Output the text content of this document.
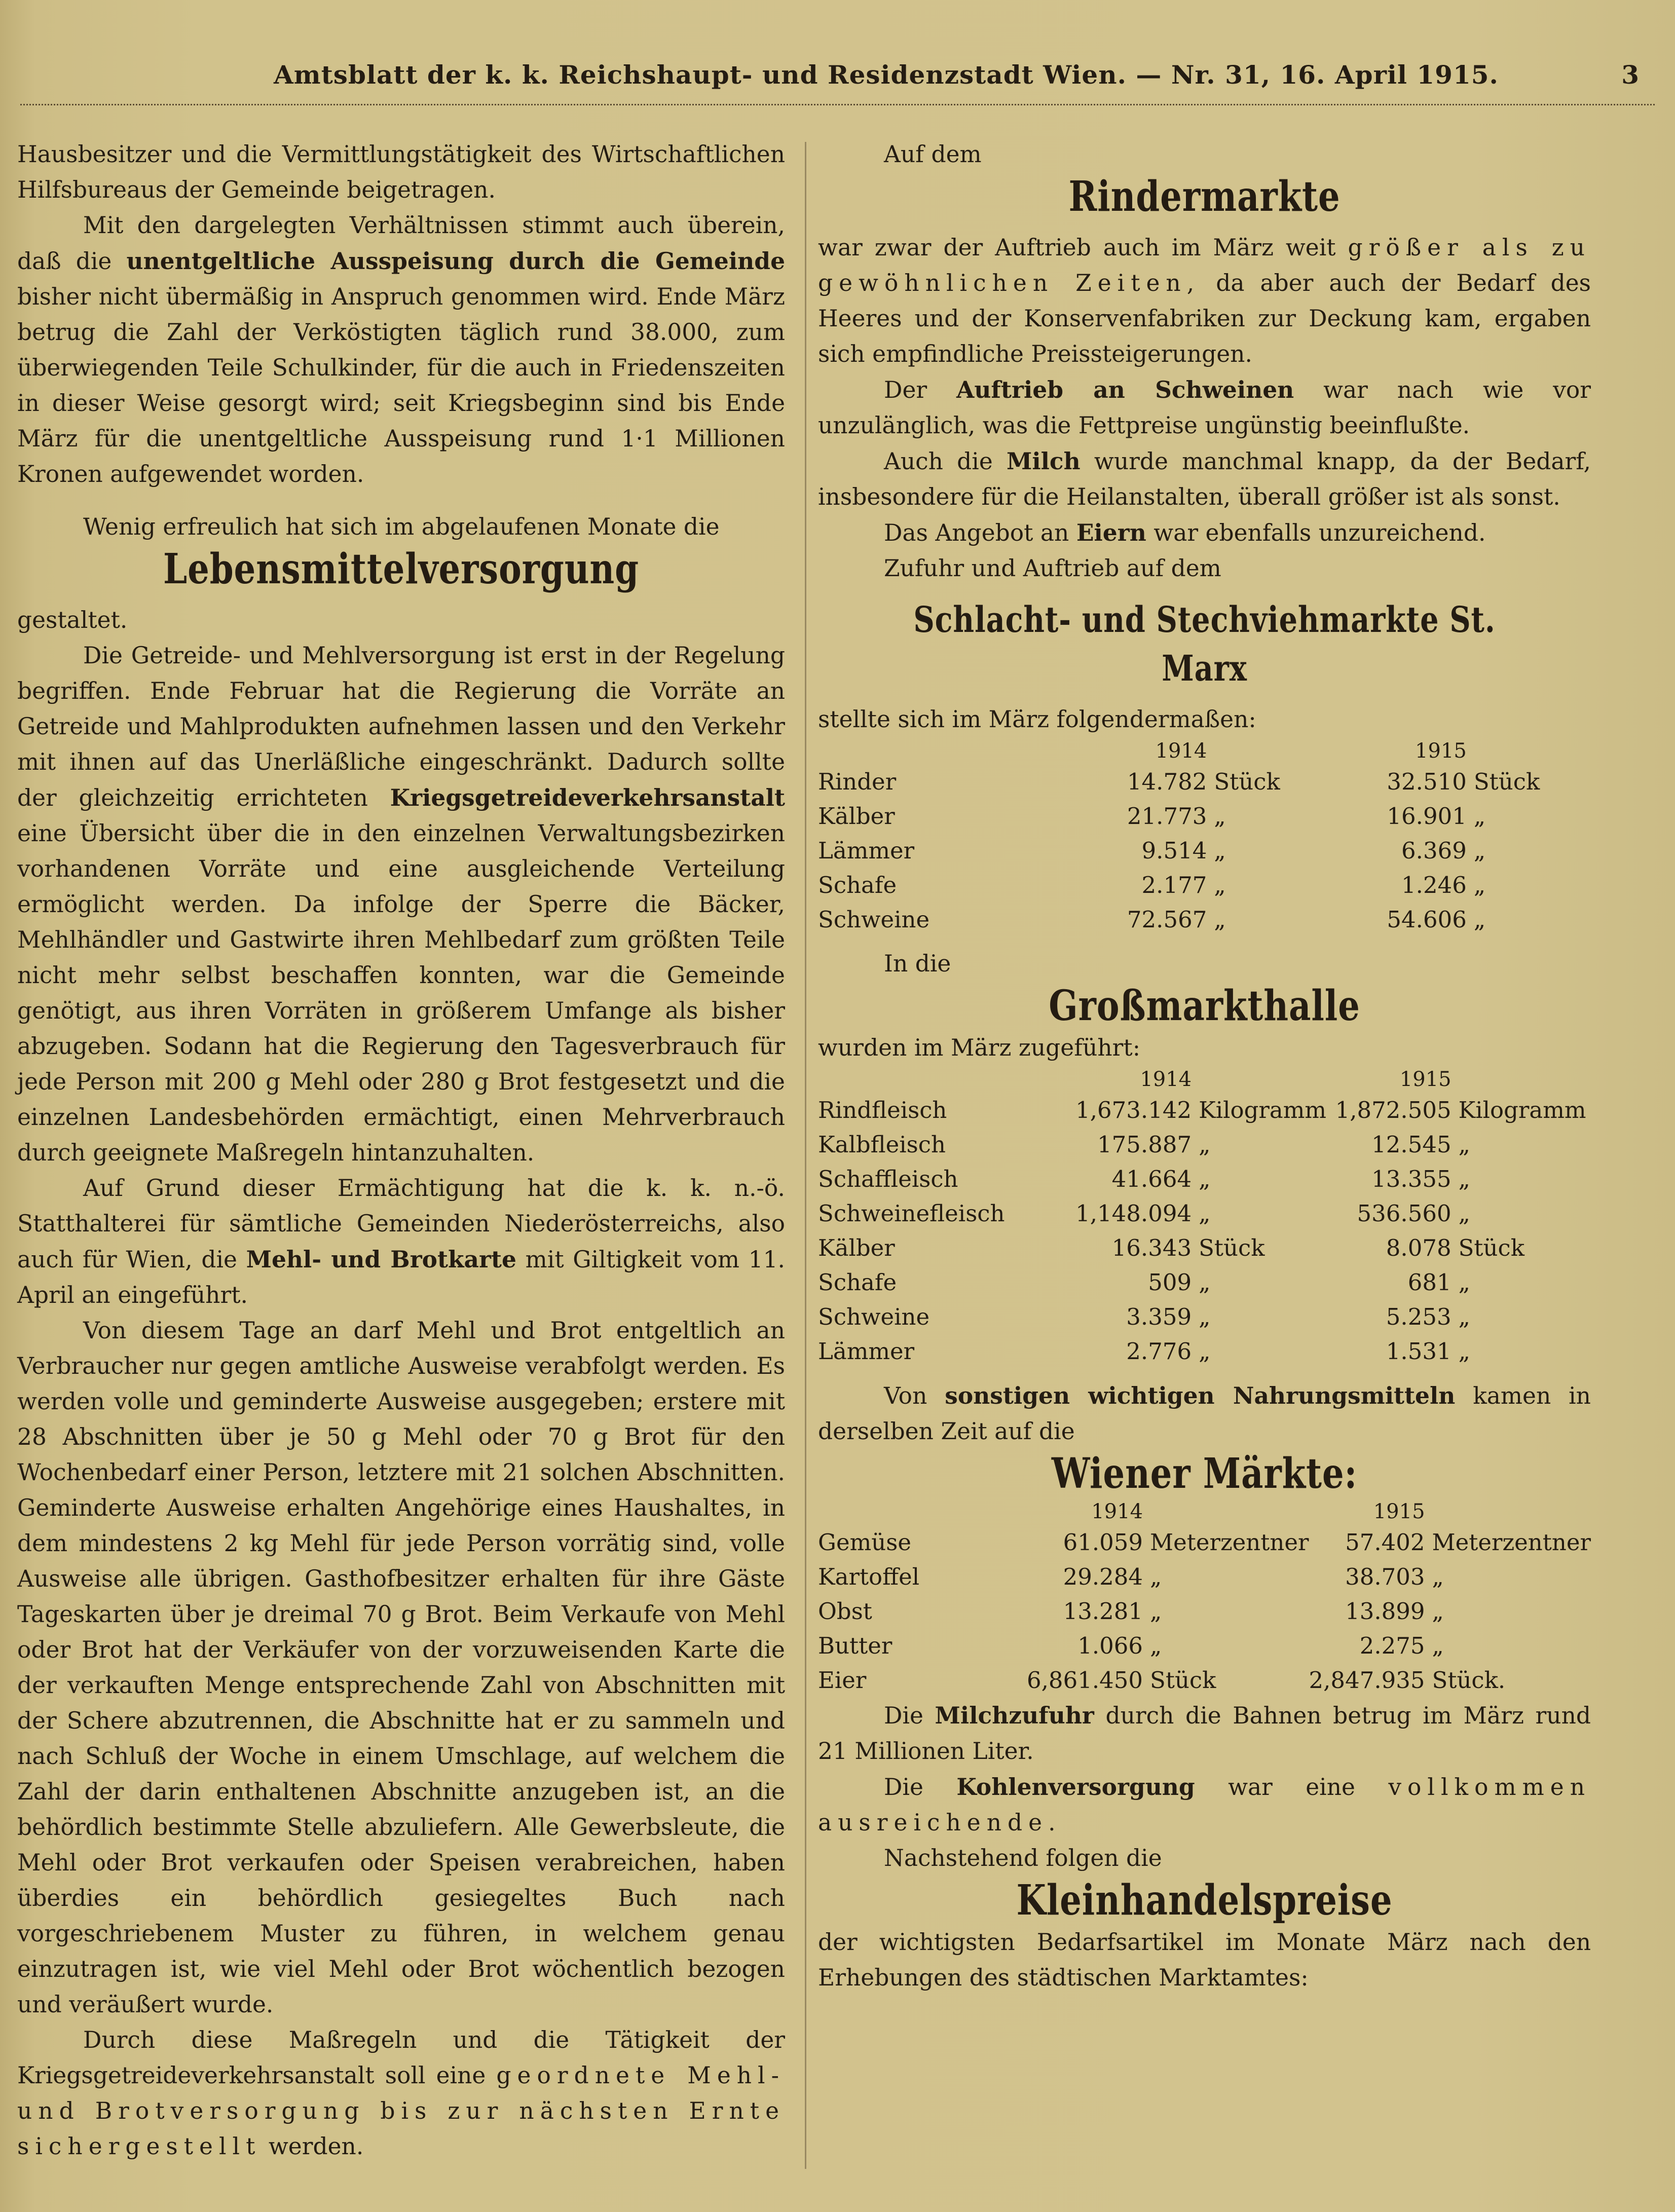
Amtsblatt der k. k. Reichshaupt- und Residenzstadt Wien. — Nr. 31, 16. April 1915.	3

Hausbesitzer und die Vermittlungstätigkeit des Wirtschaftlichen Hilfsbureaus der Gemeinde beigetragen.

Mit den dargelegten Verhältnissen stimmt auch überein, daß die unentgeltliche Ausspeisung durch die Gemeinde bisher nicht übermäßig in Anspruch genommen wird. Ende März betrug die Zahl der Verköstigten täglich rund 38.000, zum überwiegenden Teile Schulkinder, für die auch in Friedenszeiten in dieser Weise gesorgt wird; seit Kriegsbeginn sind bis Ende März für die unentgeltliche Ausspeisung rund 1·1 Millionen Kronen aufgewendet worden.

Wenig erfreulich hat sich im abgelaufenen Monate die

Lebensmittelversorgung

gestaltet.

Die Getreide- und Mehlversorgung ist erst in der Regelung begriffen. Ende Februar hat die Regierung die Vorräte an Getreide und Mahlprodukten aufnehmen lassen und den Verkehr mit ihnen auf das Unerläßliche eingeschränkt. Dadurch sollte der gleichzeitig errichteten Kriegsgetreideverkehrsanstalt eine Übersicht über die in den einzelnen Verwaltungsbezirken vorhandenen Vorräte und eine ausgleichende Verteilung ermöglicht werden. Da infolge der Sperre die Bäcker, Mehlhändler und Gastwirte ihren Mehlbedarf zum größten Teile nicht mehr selbst beschaffen konnten, war die Gemeinde genötigt, aus ihren Vorräten in größerem Umfange als bisher abzugeben. Sodann hat die Regierung den Tagesverbrauch für jede Person mit 200 g Mehl oder 280 g Brot festgesetzt und die einzelnen Landesbehörden ermächtigt, einen Mehrverbrauch durch geeignete Maßregeln hintanzuhalten.

Auf Grund dieser Ermächtigung hat die k. k. n.-ö. Statthalterei für sämtliche Gemeinden Niederösterreichs, also auch für Wien, die Mehl- und Brotkarte mit Giltigkeit vom 11. April an eingeführt.

Von diesem Tage an darf Mehl und Brot entgeltlich an Verbraucher nur gegen amtliche Ausweise verabfolgt werden. Es werden volle und geminderte Ausweise ausgegeben; erstere mit 28 Abschnitten über je 50 g Mehl oder 70 g Brot für den Wochenbedarf einer Person, letztere mit 21 solchen Abschnitten. Geminderte Ausweise erhalten Angehörige eines Haushaltes, in dem mindestens 2 kg Mehl für jede Person vorrätig sind, volle Ausweise alle übrigen. Gasthofbesitzer erhalten für ihre Gäste Tageskarten über je dreimal 70 g Brot. Beim Verkaufe von Mehl oder Brot hat der Verkäufer von der vorzuweisenden Karte die der verkauften Menge entsprechende Zahl von Abschnitten mit der Schere abzutrennen, die Abschnitte hat er zu sammeln und nach Schluß der Woche in einem Umschlage, auf welchem die Zahl der darin enthaltenen Abschnitte anzugeben ist, an die behördlich bestimmte Stelle abzuliefern. Alle Gewerbsleute, die Mehl oder Brot verkaufen oder Speisen verabreichen, haben überdies ein behördlich gesiegeltes Buch nach vorgeschriebenem Muster zu führen, in welchem genau einzutragen ist, wie viel Mehl oder Brot wöchentlich bezogen und veräußert wurde.

Durch diese Maßregeln und die Tätigkeit der Kriegsgetreideverkehrsanstalt soll eine geordnete Mehl- und Brotversorgung bis zur nächsten Ernte sichergestellt werden.

Auf dem

Rindermarkte

war zwar der Auftrieb auch im März weit größer als zu gewöhnlichen Zeiten, da aber auch der Bedarf des Heeres und der Konservenfabriken zur Deckung kam, ergaben sich empfindliche Preissteigerungen.

Der Auftrieb an Schweinen war nach wie vor unzulänglich, was die Fettpreise ungünstig beeinflußte.

Auch die Milch wurde manchmal knapp, da der Bedarf, insbesondere für die Heilanstalten, überall größer ist als sonst.

Das Angebot an Eiern war ebenfalls unzureichend.

Zufuhr und Auftrieb auf dem

Schlacht- und Stechviehmarkte St. Marx

stellte sich im März folgendermaßen:

	1914		1915	
Rinder	14.782	Stück	32.510	Stück
Kälber	21.773	„	16.901	„
Lämmer	9.514	„	6.369	„
Schafe	2.177	„	1.246	„
Schweine	72.567	„	54.606	„

In die

Großmarkthalle

wurden im März zugeführt:

	1914		1915	
Rindfleisch	1,673.142	Kilogramm	1,872.505	Kilogramm
Kalbfleisch	175.887	„	12.545	„
Schaffleisch	41.664	„	13.355	„
Schweinefleisch	1,148.094	„	536.560	„
Kälber	16.343	Stück	8.078	Stück
Schafe	509	„	681	„
Schweine	3.359	„	5.253	„
Lämmer	2.776	„	1.531	„

Von sonstigen wichtigen Nahrungsmitteln kamen in derselben Zeit auf die

Wiener Märkte:
	1914		1915	
Gemüse	61.059	Meterzentner	57.402	Meterzentner
Kartoffel	29.284	„	38.703	„
Obst	13.281	„	13.899	„
Butter	1.066	„	2.275	„
Eier	6,861.450	Stück	2,847.935	Stück.

Die Milchzufuhr durch die Bahnen betrug im März rund 21 Millionen Liter.

Die Kohlenversorgung war eine vollkommen ausreichende.

Nachstehend folgen die

Kleinhandelspreise

der wichtigsten Bedarfsartikel im Monate März nach den Erhebungen des städtischen Marktamtes:
